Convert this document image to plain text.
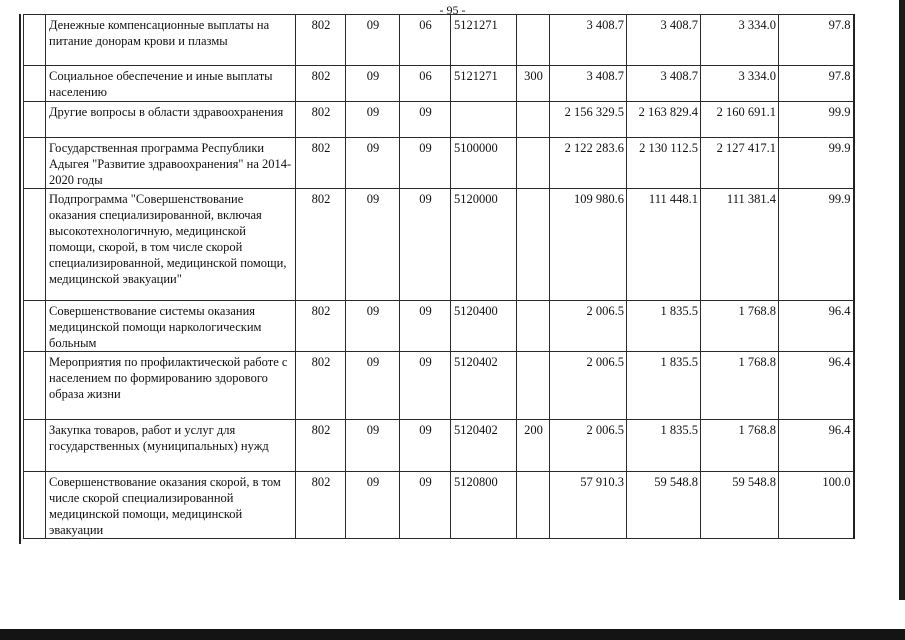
- 95 -
	Денежные компенсационные выплаты на питание донорам крови и плазмы	802	09	06	5121271		3 408.7	3 408.7	3 334.0	97.8
	Социальное обеспечение и иные выплаты населению	802	09	06	5121271	300	3 408.7	3 408.7	3 334.0	97.8
	Другие вопросы в области здравоохранения	802	09	09			2 156 329.5	2 163 829.4	2 160 691.1	99.9
	Государственная программа Республики Адыгея "Развитие здравоохранения" на 2014-2020 годы	802	09	09	5100000		2 122 283.6	2 130 112.5	2 127 417.1	99.9
	Подпрограмма "Совершенствование оказания специализированной, включая высокотехнологичную, медицинской помощи, скорой, в том числе скорой специализированной, медицинской помощи, медицинской эвакуации"	802	09	09	5120000		109 980.6	111 448.1	111 381.4	99.9
	Совершенствование системы оказания медицинской помощи наркологическим больным	802	09	09	5120400		2 006.5	1 835.5	1 768.8	96.4
	Мероприятия по профилактической работе с населением по формированию здорового образа жизни	802	09	09	5120402		2 006.5	1 835.5	1 768.8	96.4
	Закупка товаров, работ и услуг для государственных (муниципальных) нужд	802	09	09	5120402	200	2 006.5	1 835.5	1 768.8	96.4
	Совершенствование оказания скорой, в том числе скорой специализированной медицинской помощи, медицинской эвакуации	802	09	09	5120800		57 910.3	59 548.8	59 548.8	100.0
